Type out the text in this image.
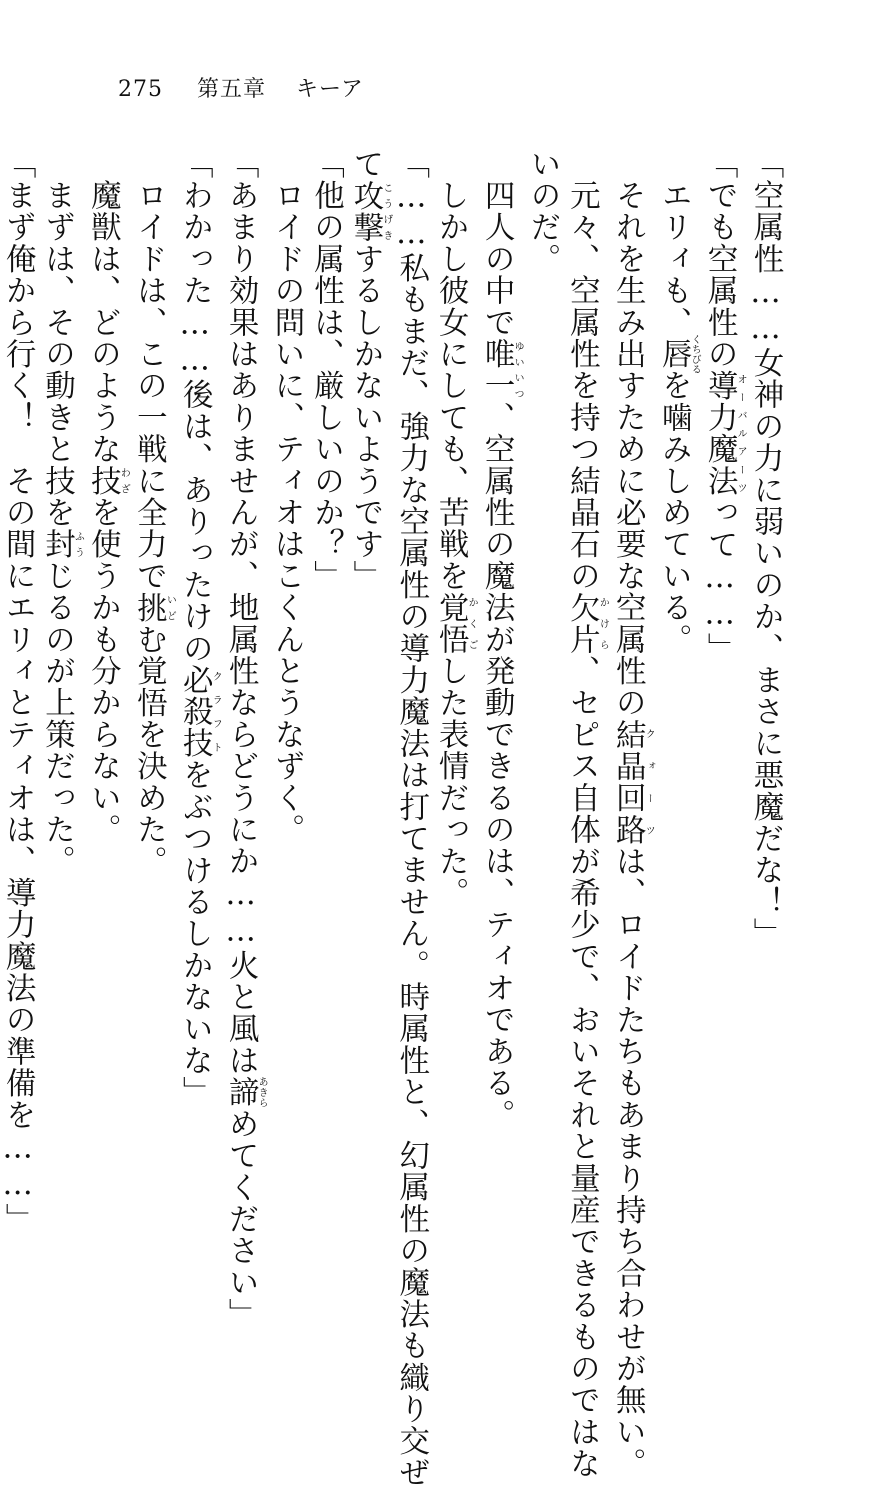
275 第五章 キーア
「空属性……女神の力に弱いのか、まさに悪魔だな！」
「でも空属性の導力魔法オーバルアーツって……」
　エリィも、唇くちびるを噛みしめている。
　それを生み出すために必要な空属性の結晶回路クォーツは、ロイドたちもあまり持ち合わせが無い。
　元々、空属性を持つ結晶石の欠片かけら、セピス自体が希少で、おいそれと量産できるものではな
いのだ。
　四人の中で唯一ゆいいつ、空属性の魔法が発動できるのは、ティオである。
　しかし彼女にしても、苦戦を覚悟かくごした表情だった。
「……私もまだ、強力な空属性の導力魔法は打てません。時属性と、幻属性の魔法も織り交ぜ
て攻撃こうげきするしかないようです」
「他の属性は、厳しいのか？」
　ロイドの問いに、ティオはこくんとうなずく。
「あまり効果はありませんが、地属性ならどうにか……火と風は諦あきらめてください」
「わかった……後は、ありったけの必殺技クラフトをぶつけるしかないな」
　ロイドは、この一戦に全力で挑いどむ覚悟を決めた。
　魔獣は、どのような技わざを使うかも分からない。
　まずは、その動きと技を封ふうじるのが上策だった。
「まず俺から行く！　その間にエリィとティオは、導力魔法の準備を……」
